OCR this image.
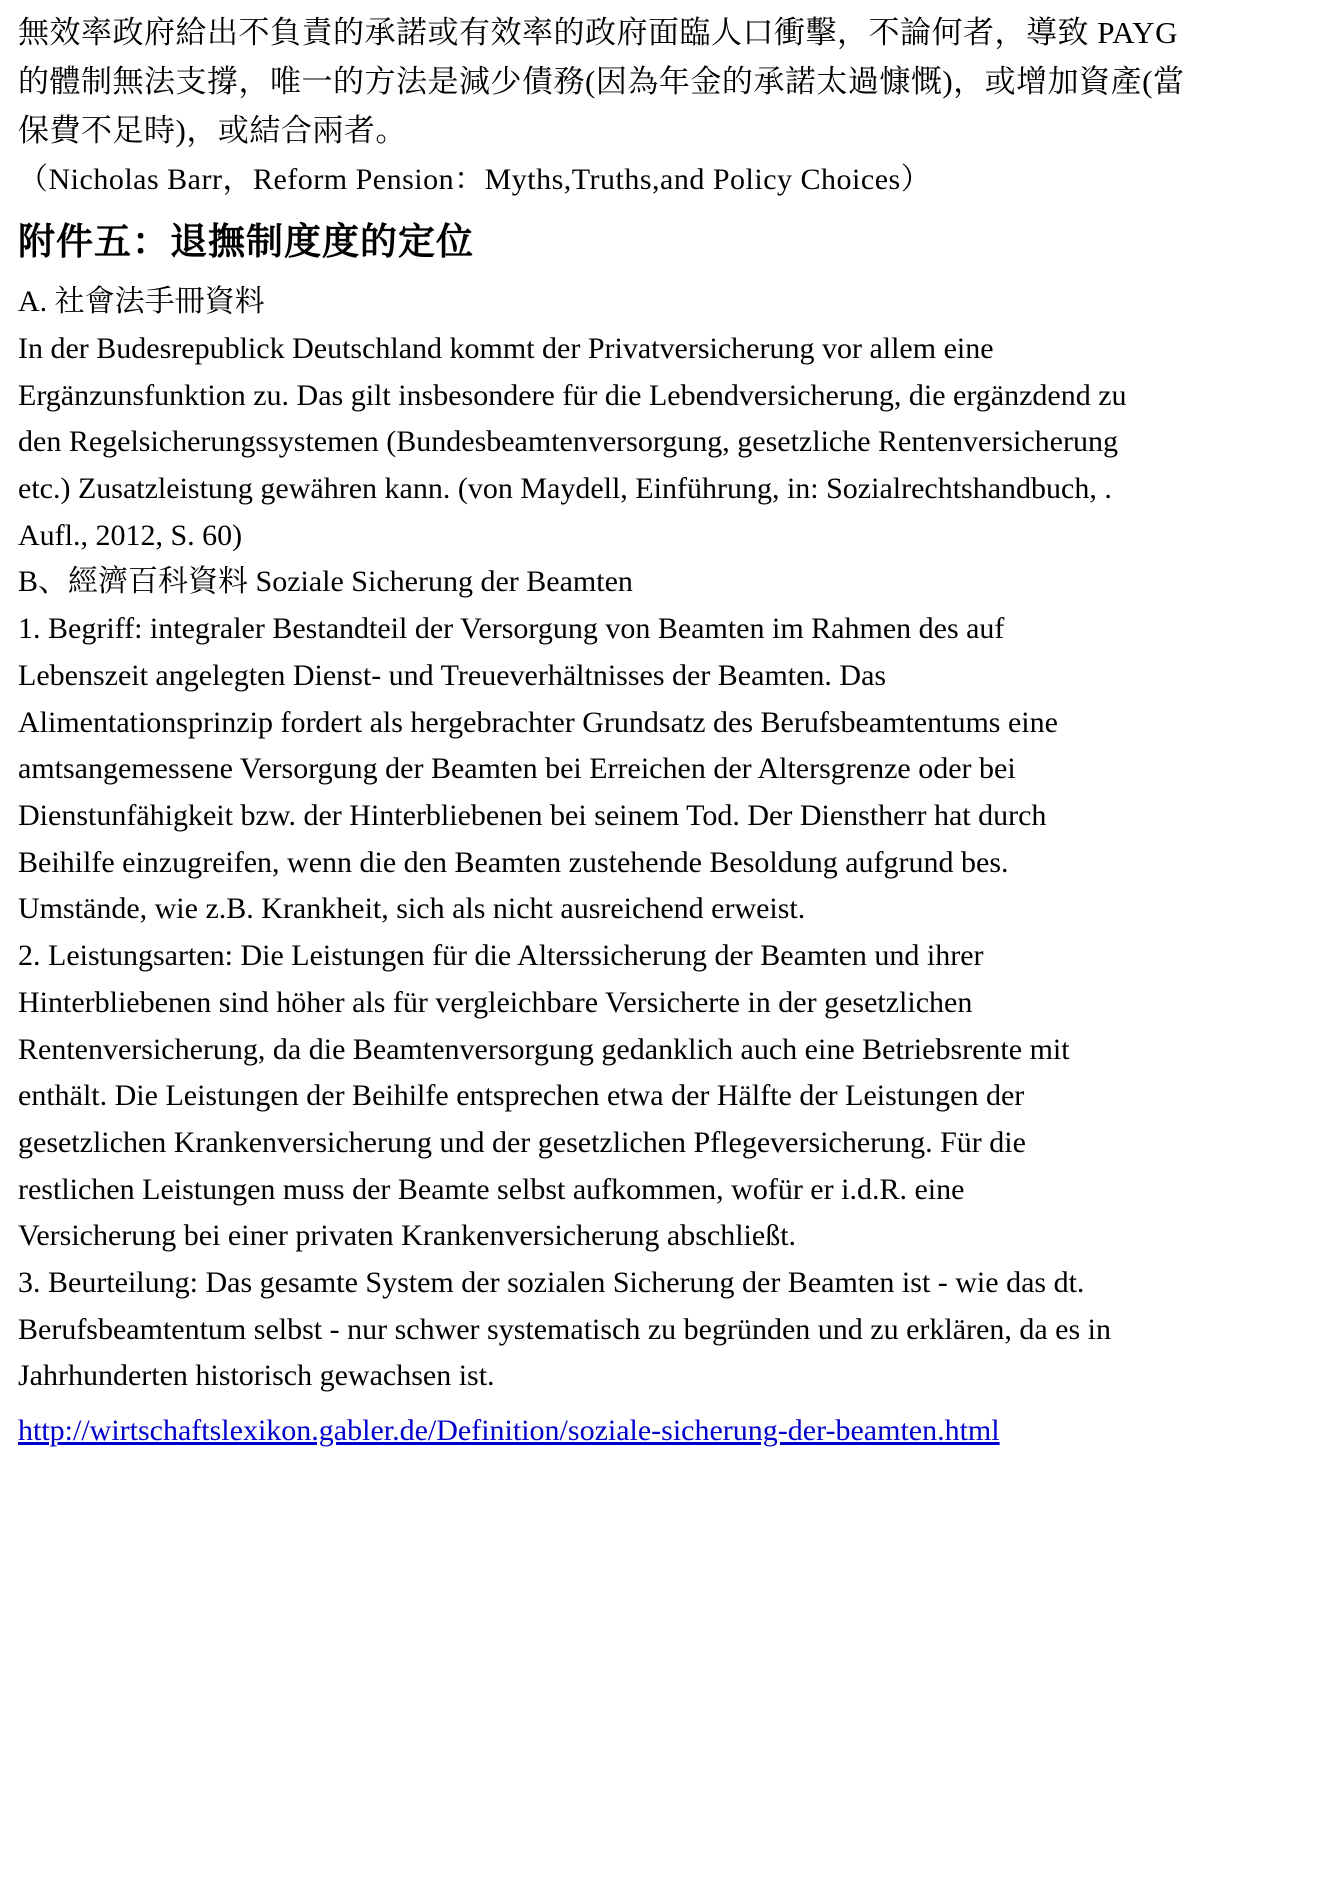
無效率政府給出不負責的承諾或有效率的政府面臨人口衝擊，不論何者，導致 PAYG
的體制無法支撐，唯一的方法是減少債務(因為年金的承諾太過慷慨)，或增加資產(當
保費不足時)，或結合兩者。
（Nicholas Barr，Reform Pension：Myths,Truths,and Policy Choices）
附件五：退撫制度度的定位
A. 社會法手冊資料
In der Budesrepublick Deutschland kommt der Privatversicherung vor allem eine
Ergänzunsfunktion zu. Das gilt insbesondere für die Lebendversicherung, die ergänzdend zu
den Regelsicherungssystemen (Bundesbeamtenversorgung, gesetzliche Rentenversicherung
etc.) Zusatzleistung gewähren kann. (von Maydell, Einführung, in: Sozialrechtshandbuch, .
Aufl., 2012, S. 60)
B、經濟百科資料 Soziale Sicherung der Beamten
1. Begriff: integraler Bestandteil der Versorgung von Beamten im Rahmen des auf
Lebenszeit angelegten Dienst- und Treueverhältnisses der Beamten. Das
Alimentationsprinzip fordert als hergebrachter Grundsatz des Berufsbeamtentums eine
amtsangemessene Versorgung der Beamten bei Erreichen der Altersgrenze oder bei
Dienstunfähigkeit bzw. der Hinterbliebenen bei seinem Tod. Der Dienstherr hat durch
Beihilfe einzugreifen, wenn die den Beamten zustehende Besoldung aufgrund bes.
Umstände, wie z.B. Krankheit, sich als nicht ausreichend erweist.
2. Leistungsarten: Die Leistungen für die Alterssicherung der Beamten und ihrer
Hinterbliebenen sind höher als für vergleichbare Versicherte in der gesetzlichen
Rentenversicherung, da die Beamtenversorgung gedanklich auch eine Betriebsrente mit
enthält. Die Leistungen der Beihilfe entsprechen etwa der Hälfte der Leistungen der
gesetzlichen Krankenversicherung und der gesetzlichen Pflegeversicherung. Für die
restlichen Leistungen muss der Beamte selbst aufkommen, wofür er i.d.R. eine
Versicherung bei einer privaten Krankenversicherung abschließt.
3. Beurteilung: Das gesamte System der sozialen Sicherung der Beamten ist - wie das dt.
Berufsbeamtentum selbst - nur schwer systematisch zu begründen und zu erklären, da es in
Jahrhunderten historisch gewachsen ist.
http://wirtschaftslexikon.gabler.de/Definition/soziale-sicherung-der-beamten.html
